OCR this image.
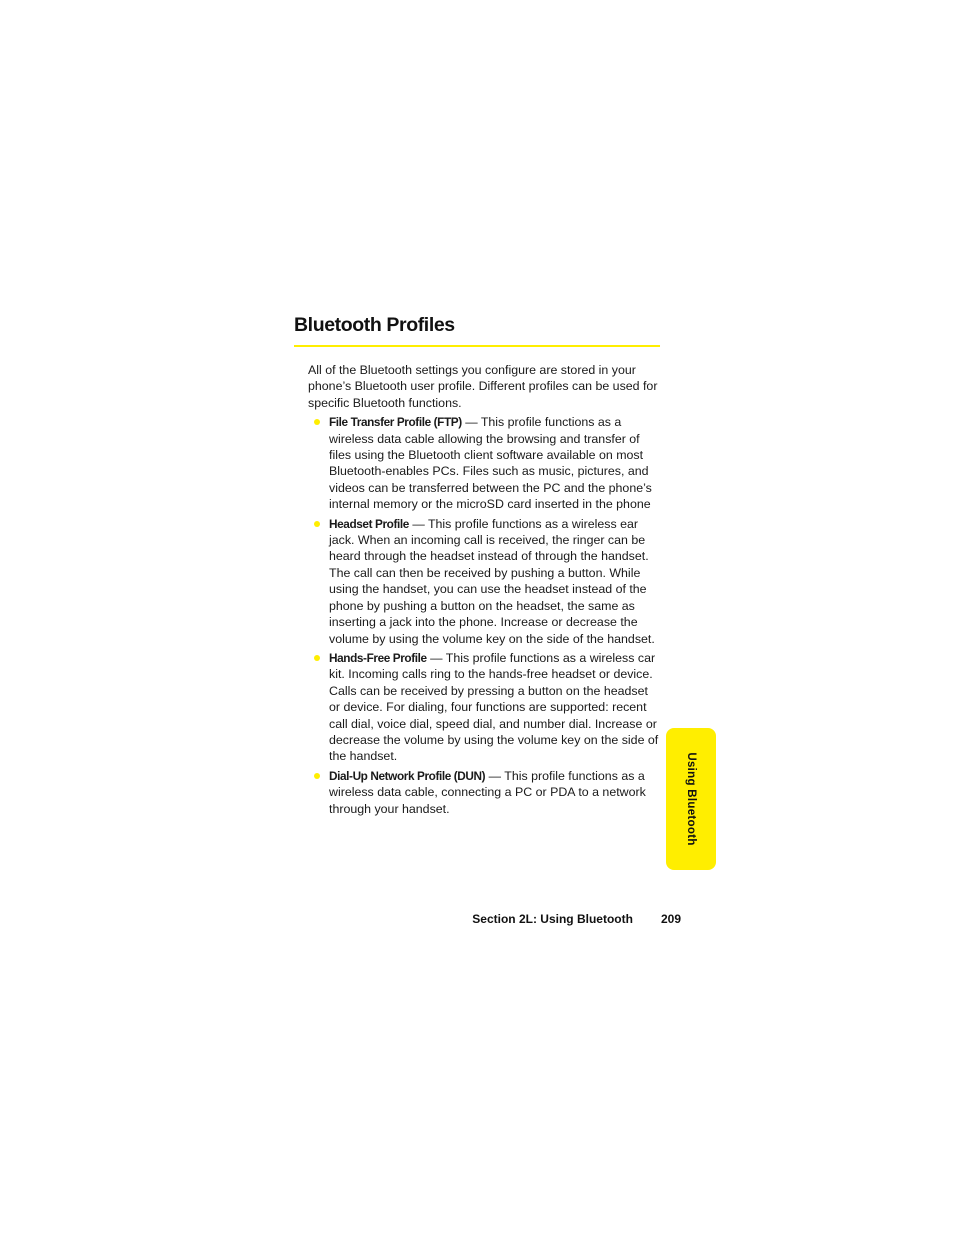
Bluetooth Profiles

All of the Bluetooth settings you configure are stored in your phone’s Bluetooth user profile. Different profiles can be used for specific Bluetooth functions.

File Transfer Profile (FTP) — This profile functions as a wireless data cable allowing the browsing and transfer of files using the Bluetooth client software available on most Bluetooth-enables PCs. Files such as music, pictures, and videos can be transferred between the PC and the phone’s internal memory or the microSD card inserted in the phone
Headset Profile — This profile functions as a wireless ear jack. When an incoming call is received, the ringer can be heard through the headset instead of through the handset. The call can then be received by pushing a button. While using the handset, you can use the headset instead of the phone by pushing a button on the headset, the same as inserting a jack into the phone. Increase or decrease the volume by using the volume key on the side of the handset.
Hands-Free Profile — This profile functions as a wireless car kit. Incoming calls ring to the hands-free headset or device. Calls can be received by pressing a button on the headset or device. For dialing, four functions are supported: recent call dial, voice dial, speed dial, and number dial. Increase or decrease the volume by using the volume key on the side of the handset.
Dial-Up Network Profile (DUN) — This profile functions as a wireless data cable, connecting a PC or PDA to a network through your handset.	Using Bluetooth
Section 2L: Using Bluetooth 209
